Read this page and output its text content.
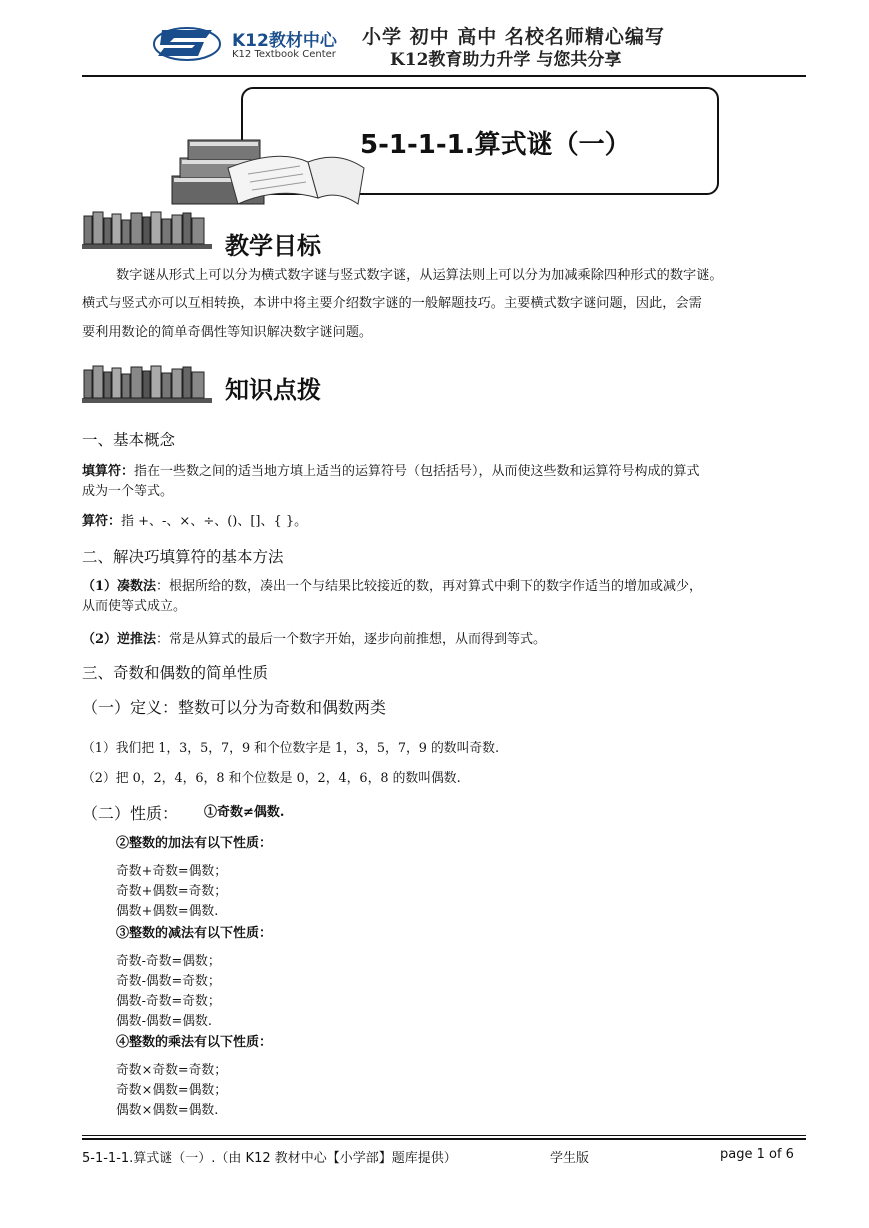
K12教材中心
K12 Textbook Center
小学 初中 高中 名校名师精心编写
K12教育助力升学 与您共分享
5-1-1-1.算式谜（一）
教学目标
数字谜从形式上可以分为横式数字谜与竖式数字谜，从运算法则上可以分为加减乘除四种形式的数字谜。
横式与竖式亦可以互相转换，本讲中将主要介绍数字谜的一般解题技巧。主要横式数字谜问题，因此，会需
要利用数论的简单奇偶性等知识解决数字谜问题。
知识点拨
一、基本概念
填算符：指在一些数之间的适当地方填上适当的运算符号（包括括号），从而使这些数和运算符号构成的算式
成为一个等式。
算符：指 +、-、×、÷、()、[]、{ }。
二、解决巧填算符的基本方法
（1）凑数法：根据所给的数，凑出一个与结果比较接近的数，再对算式中剩下的数字作适当的增加或减少，
从而使等式成立。
（2）逆推法：常是从算式的最后一个数字开始，逐步向前推想，从而得到等式。
三、奇数和偶数的简单性质
（一）定义：整数可以分为奇数和偶数两类
（1）我们把 1，3，5，7，9 和个位数字是 1，3，5，7，9 的数叫奇数.
（2）把 0，2，4，6，8 和个位数是 0，2，4，6，8 的数叫偶数.
（二）性质： ①奇数≠偶数.
②整数的加法有以下性质：
奇数+奇数=偶数；
奇数+偶数=奇数；
偶数+偶数=偶数.
③整数的减法有以下性质：
奇数-奇数=偶数；
奇数-偶数=奇数；
偶数-奇数=奇数；
偶数-偶数=偶数.
④整数的乘法有以下性质：
奇数×奇数=奇数；
奇数×偶数=偶数；
偶数×偶数=偶数.
5-1-1-1.算式谜（一）.（由 K12 教材中心【小学部】题库提供）	学生版	page 1 of 6
